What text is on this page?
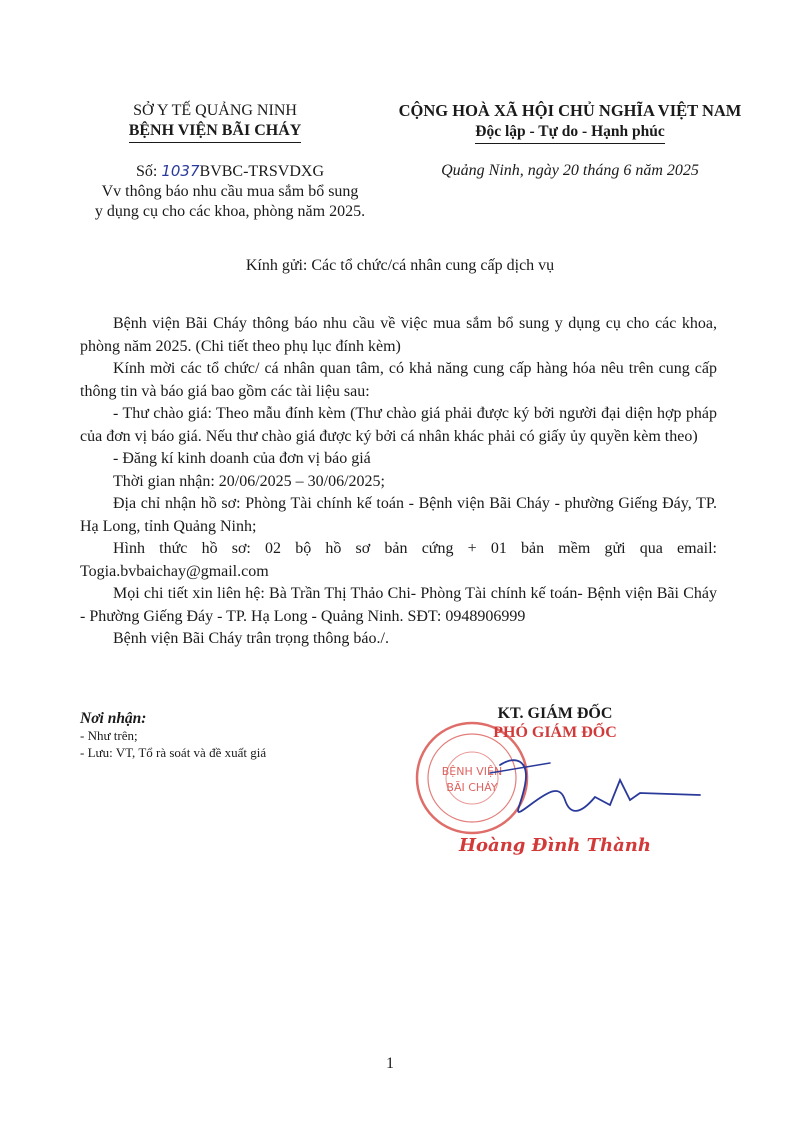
SỞ Y TẾ QUẢNG NINH
BỆNH VIỆN BÃI CHÁY
CỘNG HOÀ XÃ HỘI CHỦ NGHĨA VIỆT NAM
Độc lập - Tự do - Hạnh phúc
Số: 1037BVBC-TRSVDXG
Vv thông báo nhu cầu mua sắm bổ sung
y dụng cụ cho các khoa, phòng năm 2025.
Quảng Ninh, ngày 20 tháng 6 năm 2025
Kính gửi: Các tổ chức/cá nhân cung cấp dịch vụ

Bệnh viện Bãi Cháy thông báo nhu cầu về việc mua sắm bổ sung y dụng cụ cho các khoa, phòng năm 2025. (Chi tiết theo phụ lục đính kèm)

Kính mời các tổ chức/ cá nhân quan tâm, có khả năng cung cấp hàng hóa nêu trên cung cấp thông tin và báo giá bao gồm các tài liệu sau:

- Thư chào giá: Theo mẫu đính kèm (Thư chào giá phải được ký bởi người đại diện hợp pháp của đơn vị báo giá. Nếu thư chào giá được ký bởi cá nhân khác phải có giấy ủy quyền kèm theo)

- Đăng kí kinh doanh của đơn vị báo giá

Thời gian nhận: 20/06/2025 – 30/06/2025;

Địa chỉ nhận hồ sơ: Phòng Tài chính kế toán - Bệnh viện Bãi Cháy - phường Giếng Đáy, TP. Hạ Long, tỉnh Quảng Ninh;

Hình thức hồ sơ: 02 bộ hồ sơ bản cứng + 01 bản mềm gửi qua email:

Togia.bvbaichay@gmail.com

Mọi chi tiết xin liên hệ: Bà Trần Thị Thảo Chi- Phòng Tài chính kế toán- Bệnh viện Bãi Cháy - Phường Giếng Đáy - TP. Hạ Long - Quảng Ninh. SĐT: 0948906999

Bệnh viện Bãi Cháy trân trọng thông báo./.

Nơi nhận:
- Như trên;
- Lưu: VT, Tổ rà soát và đề xuất giá
BỆNH VIỆN
BÃI CHÁY
KT. GIÁM ĐỐC
PHÓ GIÁM ĐỐC
Hoàng Đình Thành
1
